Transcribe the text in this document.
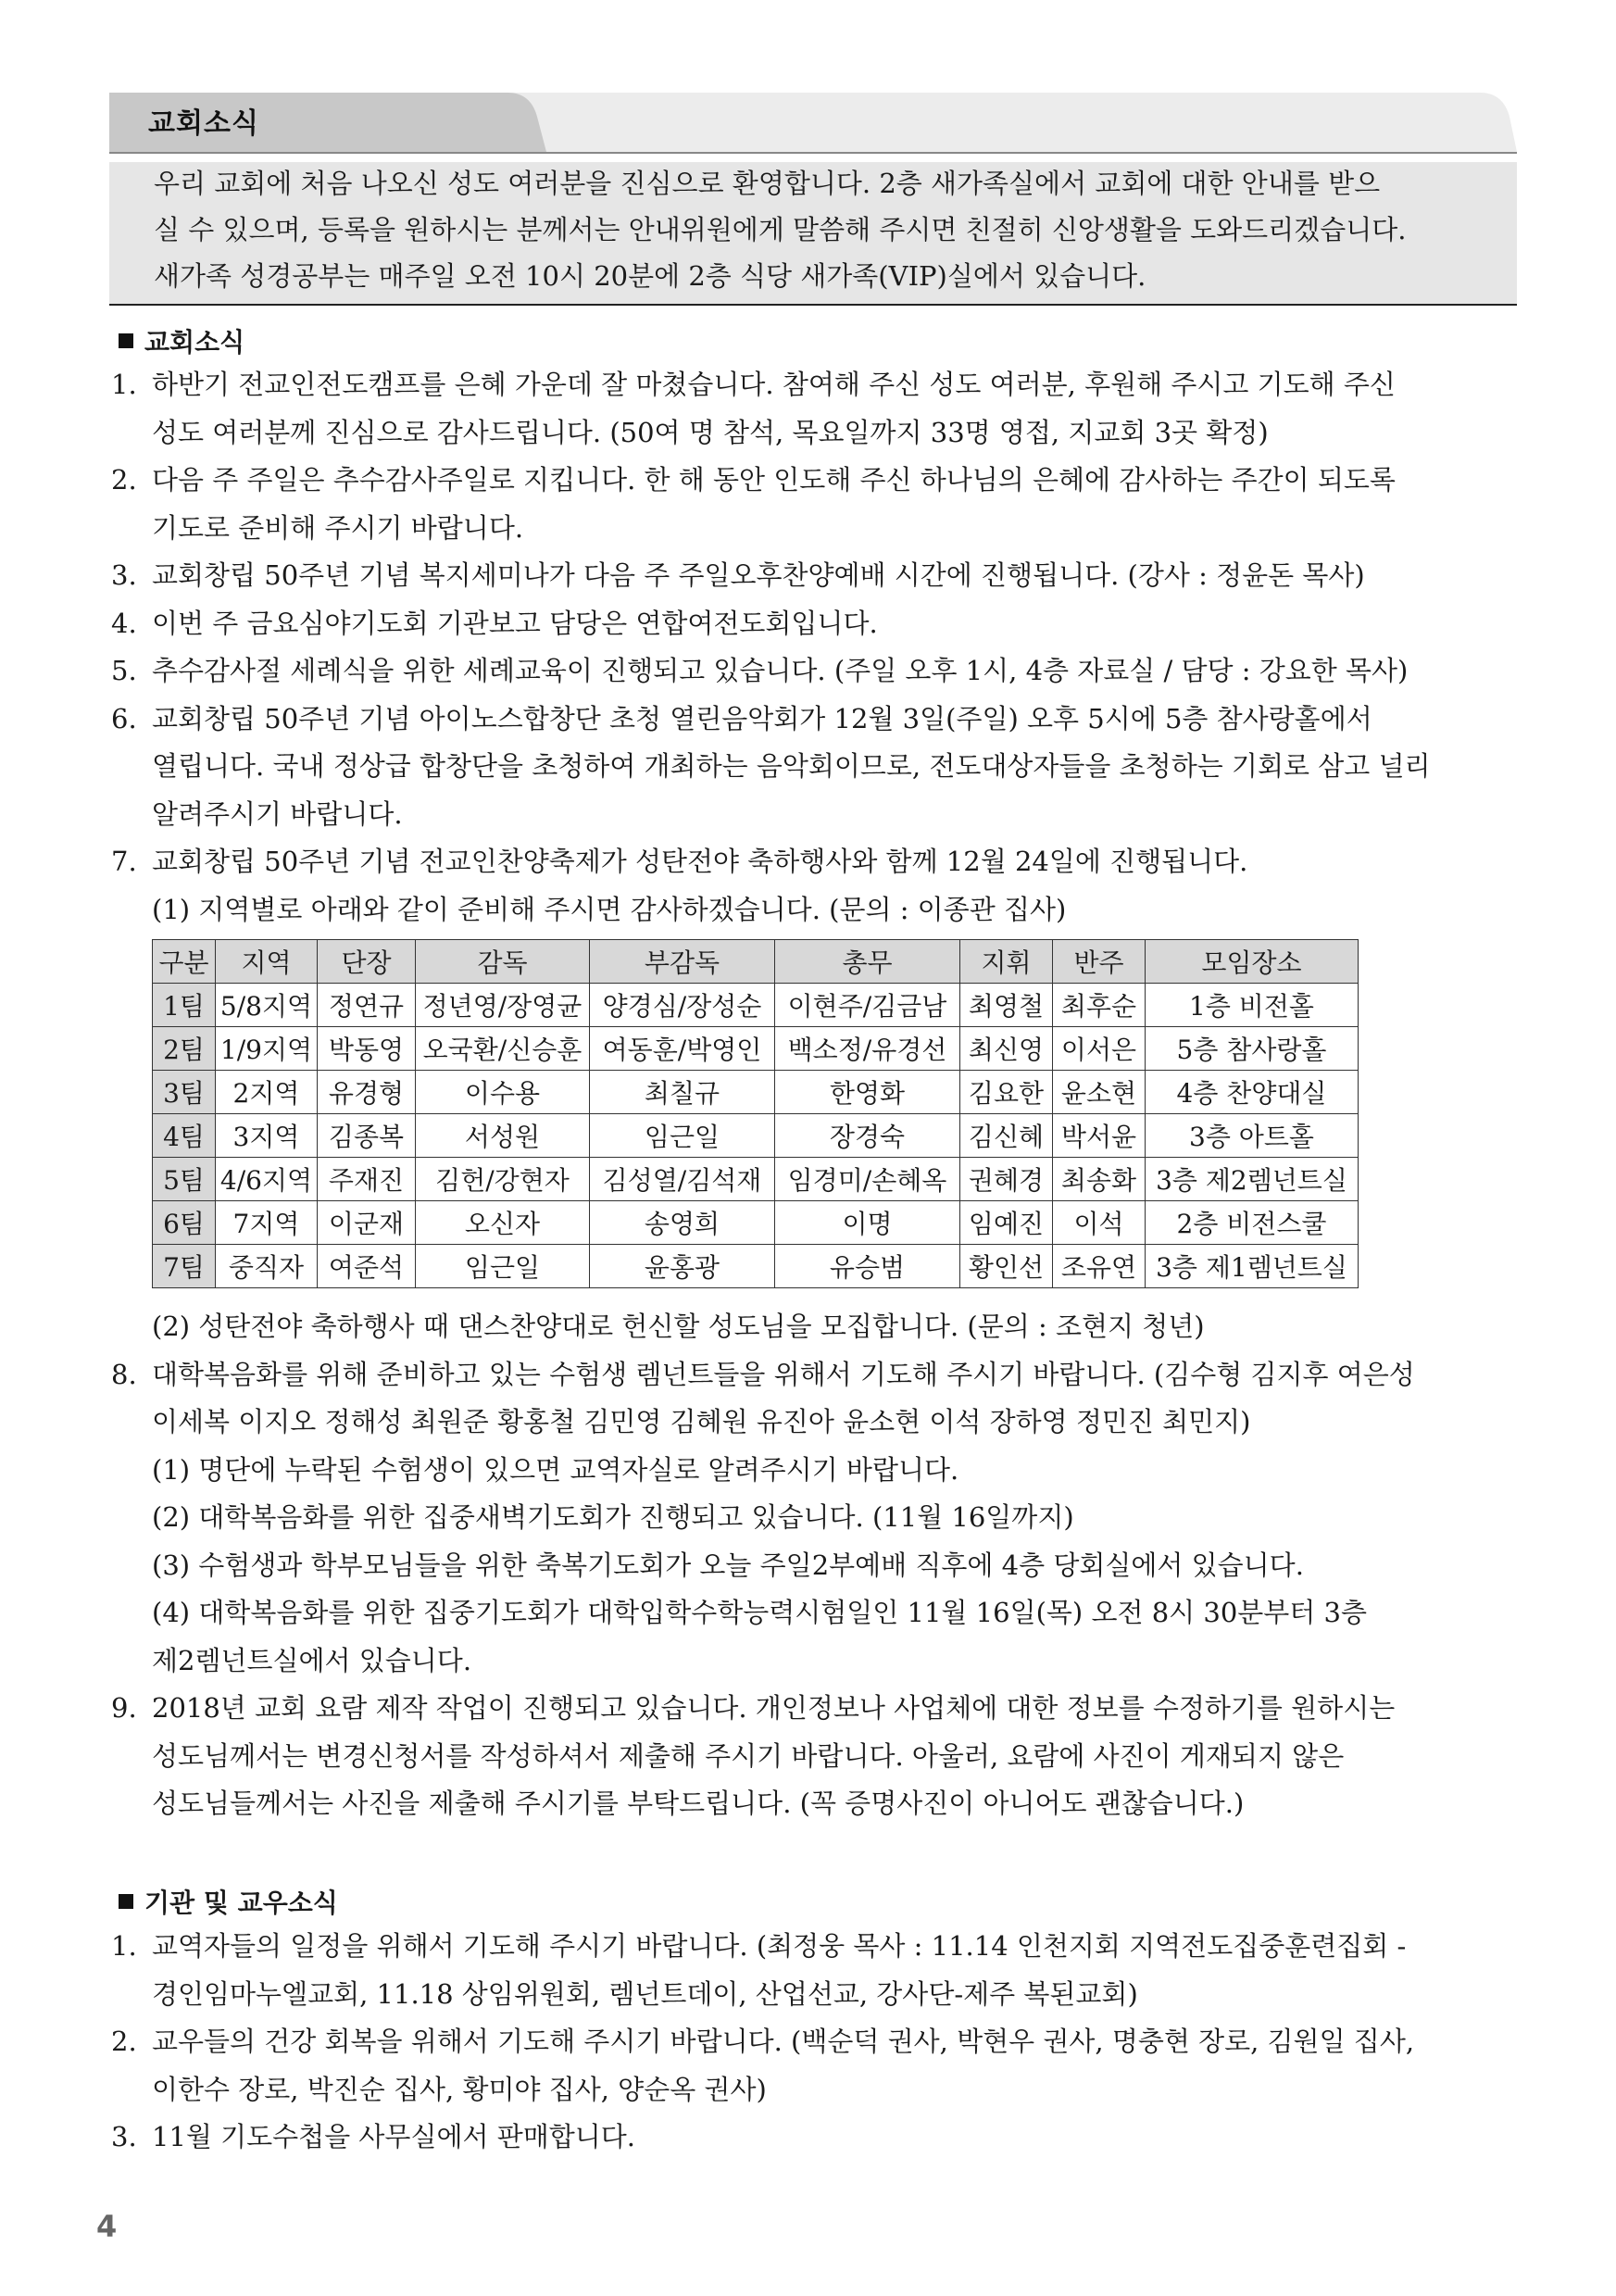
교회소식

우리 교회에 처음 나오신 성도 여러분을 진심으로 환영합니다. 2층 새가족실에서 교회에 대한 안내를 받으

실 수 있으며, 등록을 원하시는 분께서는 안내위원에게 말씀해 주시면 친절히 신앙생활을 도와드리겠습니다.

새가족 성경공부는 매주일 오전 10시 20분에 2층 식당 새가족(VIP)실에서 있습니다.

교회소식

1. 하반기 전교인전도캠프를 은혜 가운데 잘 마쳤습니다. 참여해 주신 성도 여러분, 후원해 주시고 기도해 주신

성도 여러분께 진심으로 감사드립니다. (50여 명 참석, 목요일까지 33명 영접, 지교회 3곳 확정)

2. 다음 주 주일은 추수감사주일로 지킵니다. 한 해 동안 인도해 주신 하나님의 은혜에 감사하는 주간이 되도록

기도로 준비해 주시기 바랍니다.

3. 교회창립 50주년 기념 복지세미나가 다음 주 주일오후찬양예배 시간에 진행됩니다. (강사 : 정윤돈 목사)

4. 이번 주 금요심야기도회 기관보고 담당은 연합여전도회입니다.

5. 추수감사절 세례식을 위한 세례교육이 진행되고 있습니다. (주일 오후 1시, 4층 자료실 / 담당 : 강요한 목사)

6. 교회창립 50주년 기념 아이노스합창단 초청 열린음악회가 12월 3일(주일) 오후 5시에 5층 참사랑홀에서

열립니다. 국내 정상급 합창단을 초청하여 개최하는 음악회이므로, 전도대상자들을 초청하는 기회로 삼고 널리

알려주시기 바랍니다.

7. 교회창립 50주년 기념 전교인찬양축제가 성탄전야 축하행사와 함께 12월 24일에 진행됩니다.

(1) 지역별로 아래와 같이 준비해 주시면 감사하겠습니다. (문의 : 이종관 집사)

구분	지역	단장	감독	부감독	총무	지휘	반주	모임장소
1팀	5/8지역	정연규	정년영/장영균	양경심/장성순	이현주/김금남	최영철	최후순	1층 비전홀
2팀	1/9지역	박동영	오국환/신승훈	여동훈/박영인	백소정/유경선	최신영	이서은	5층 참사랑홀
3팀	2지역	유경형	이수용	최칠규	한영화	김요한	윤소현	4층 찬양대실
4팀	3지역	김종복	서성원	임근일	장경숙	김신혜	박서윤	3층 아트홀
5팀	4/6지역	주재진	김헌/강현자	김성열/김석재	임경미/손혜옥	권혜경	최송화	3층 제2렘넌트실
6팀	7지역	이군재	오신자	송영희	이명	임예진	이석	2층 비전스쿨
7팀	중직자	여준석	임근일	윤홍광	유승범	황인선	조유연	3층 제1렘넌트실

(2) 성탄전야 축하행사 때 댄스찬양대로 헌신할 성도님을 모집합니다. (문의 : 조현지 청년)

8. 대학복음화를 위해 준비하고 있는 수험생 렘넌트들을 위해서 기도해 주시기 바랍니다. (김수형 김지후 여은성

이세복 이지오 정해성 최원준 황홍철 김민영 김혜원 유진아 윤소현 이석 장하영 정민진 최민지)

(1) 명단에 누락된 수험생이 있으면 교역자실로 알려주시기 바랍니다.

(2) 대학복음화를 위한 집중새벽기도회가 진행되고 있습니다. (11월 16일까지)

(3) 수험생과 학부모님들을 위한 축복기도회가 오늘 주일2부예배 직후에 4층 당회실에서 있습니다.

(4) 대학복음화를 위한 집중기도회가 대학입학수학능력시험일인 11월 16일(목) 오전 8시 30분부터 3층

제2렘넌트실에서 있습니다.

9. 2018년 교회 요람 제작 작업이 진행되고 있습니다. 개인정보나 사업체에 대한 정보를 수정하기를 원하시는

성도님께서는 변경신청서를 작성하셔서 제출해 주시기 바랍니다. 아울러, 요람에 사진이 게재되지 않은

성도님들께서는 사진을 제출해 주시기를 부탁드립니다. (꼭 증명사진이 아니어도 괜찮습니다.)

기관 및 교우소식

1. 교역자들의 일정을 위해서 기도해 주시기 바랍니다. (최정웅 목사 : 11.14 인천지회 지역전도집중훈련집회 -

경인임마누엘교회, 11.18 상임위원회, 렘넌트데이, 산업선교, 강사단-제주 복된교회)

2. 교우들의 건강 회복을 위해서 기도해 주시기 바랍니다. (백순덕 권사, 박현우 권사, 명충현 장로, 김원일 집사,

이한수 장로, 박진순 집사, 황미야 집사, 양순옥 권사)

3. 11월 기도수첩을 사무실에서 판매합니다.

4
